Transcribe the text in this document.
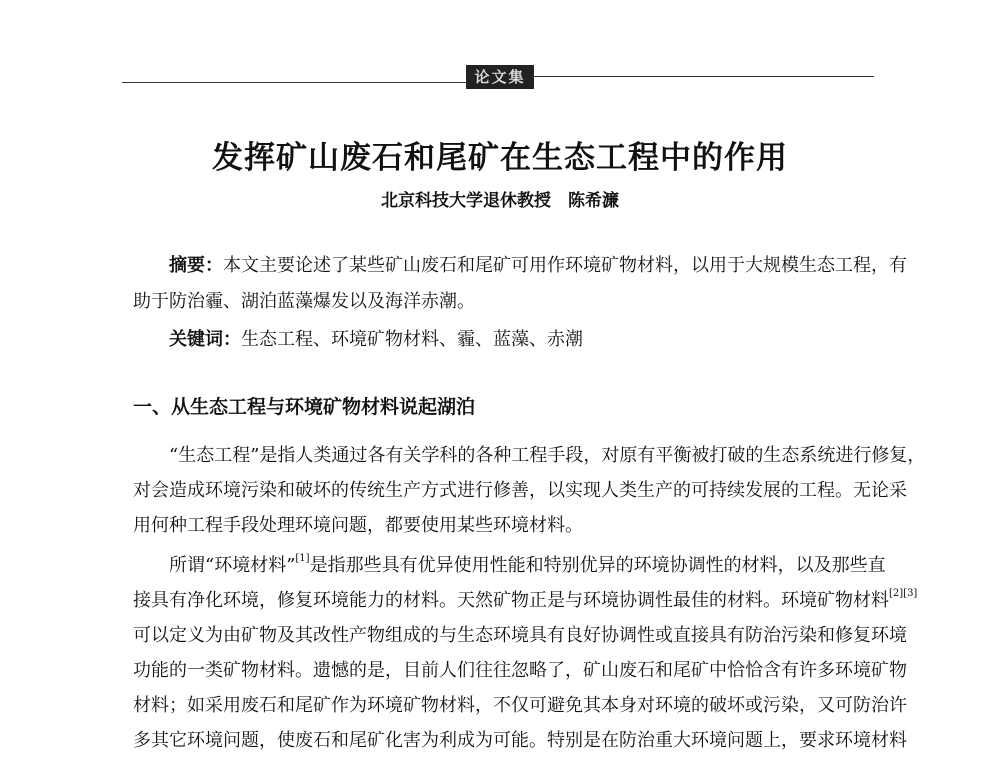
论文集
发挥矿山废石和尾矿在生态工程中的作用
北京科技大学退休教授　陈希濂
摘要：本文主要论述了某些矿山废石和尾矿可用作环境矿物材料，以用于大规模生态工程，有
助于防治霾、湖泊蓝藻爆发以及海洋赤潮。
关键词：生态工程、环境矿物材料、霾、蓝藻、赤潮
一、从生态工程与环境矿物材料说起湖泊
“生态工程”是指人类通过各有关学科的各种工程手段，对原有平衡被打破的生态系统进行修复，
对会造成环境污染和破坏的传统生产方式进行修善，以实现人类生产的可持续发展的工程。无论采
用何种工程手段处理环境问题，都要使用某些环境材料。
所谓“环境材料”[1]是指那些具有优异使用性能和特别优异的环境协调性的材料，以及那些直
接具有净化环境，修复环境能力的材料。天然矿物正是与环境协调性最佳的材料。环境矿物材料[2][3]
可以定义为由矿物及其改性产物组成的与生态环境具有良好协调性或直接具有防治污染和修复环境
功能的一类矿物材料。遗憾的是，目前人们往往忽略了，矿山废石和尾矿中恰恰含有许多环境矿物
材料；如采用废石和尾矿作为环境矿物材料，不仅可避免其本身对环境的破坏或污染，又可防治许
多其它环境问题，使废石和尾矿化害为利成为可能。特别是在防治重大环境问题上，要求环境材料
